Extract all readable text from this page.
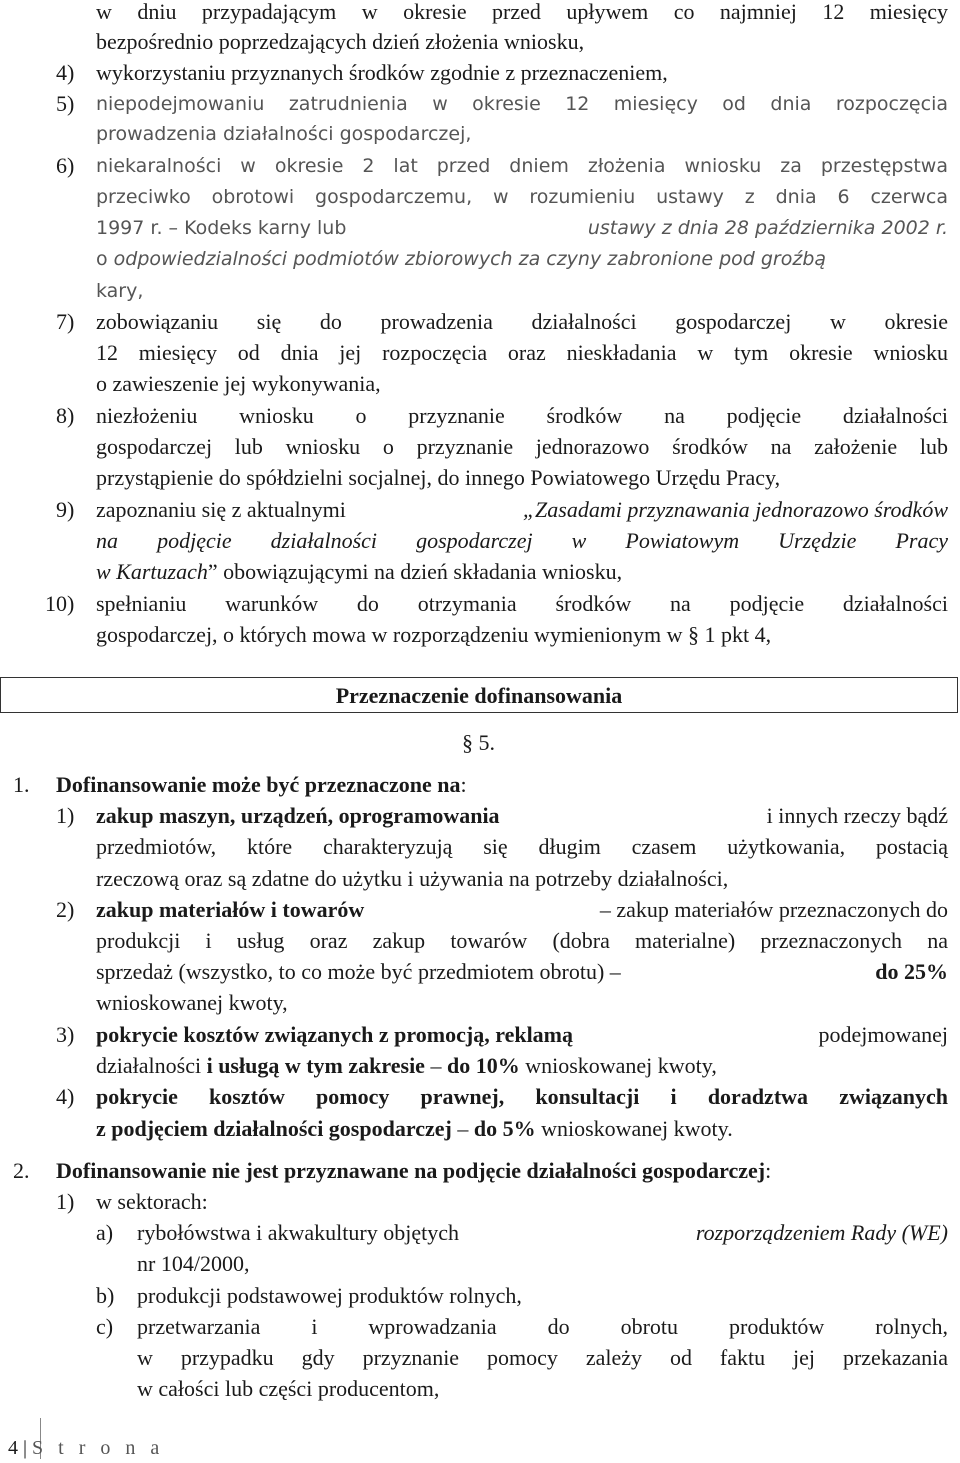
w dniu przypadającym w okresie przed upływem co najmniej 12 miesięcy
bezpośrednio poprzedzających dzień złożenia wniosku,
4) wykorzystaniu przyznanych środków zgodnie z przeznaczeniem,
5) niepodejmowaniu zatrudnienia w okresie 12 miesięcy od dnia rozpoczęcia
prowadzenia działalności gospodarczej,
6) niekaralności w okresie 2 lat przed dniem złożenia wniosku za przestępstwa
przeciwko obrotowi gospodarczemu, w rozumieniu ustawy z dnia 6 czerwca
1997 r. – Kodeks karny lub	ustawy z dnia 28 października 2002 r.
o odpowiedzialności podmiotów zbiorowych za czyny zabronione pod groźbą
kary,
7) zobowiązaniu się do prowadzenia działalności gospodarczej w okresie
12 miesięcy od dnia jej rozpoczęcia oraz nieskładania w tym okresie wniosku
o zawieszenie jej wykonywania,
8) niezłożeniu wniosku o przyznanie środków na podjęcie działalności
gospodarczej lub wniosku o przyznanie jednorazowo środków na założenie lub
przystąpienie do spółdzielni socjalnej, do innego Powiatowego Urzędu Pracy,
9) zapoznaniu się z aktualnymi	„Zasadami przyznawania jednorazowo środków
na podjęcie działalności gospodarczej w Powiatowym Urzędzie Pracy
w Kartuzach” obowiązującymi na dzień składania wniosku,
10) spełnianiu warunków do otrzymania środków na podjęcie działalności
gospodarczej, o których mowa w rozporządzeniu wymienionym w § 1 pkt 4,
Przeznaczenie dofinansowania
§ 5.
1. Dofinansowanie może być przeznaczone na:
1) zakup maszyn, urządzeń, oprogramowania	i innych rzeczy bądź
przedmiotów, które charakteryzują się długim czasem użytkowania, postacią
rzeczową oraz są zdatne do użytku i używania na potrzeby działalności,
2) zakup materiałów i towarów	– zakup materiałów przeznaczonych do
produkcji i usług oraz zakup towarów (dobra materialne) przeznaczonych na
sprzedaż (wszystko, to co może być przedmiotem obrotu) –	do 25%
wnioskowanej kwoty,
3) pokrycie kosztów związanych z promocją, reklamą	podejmowanej
działalności i usługą w tym zakresie – do 10% wnioskowanej kwoty,
4) pokrycie kosztów pomocy prawnej, konsultacji i doradztwa związanych
z podjęciem działalności gospodarczej – do 5% wnioskowanej kwoty.
2. Dofinansowanie nie jest przyznawane na podjęcie działalności gospodarczej:
1) w sektorach:
a) rybołówstwa i akwakultury objętych	rozporządzeniem Rady (WE)
nr 104/2000,
b) produkcji podstawowej produktów rolnych,
c) przetwarzania i wprowadzania do obrotu produktów rolnych,
w przypadku gdy przyznanie pomocy zależy od faktu jej przekazania
w całości lub części producentom,
4 | S t r o n a
